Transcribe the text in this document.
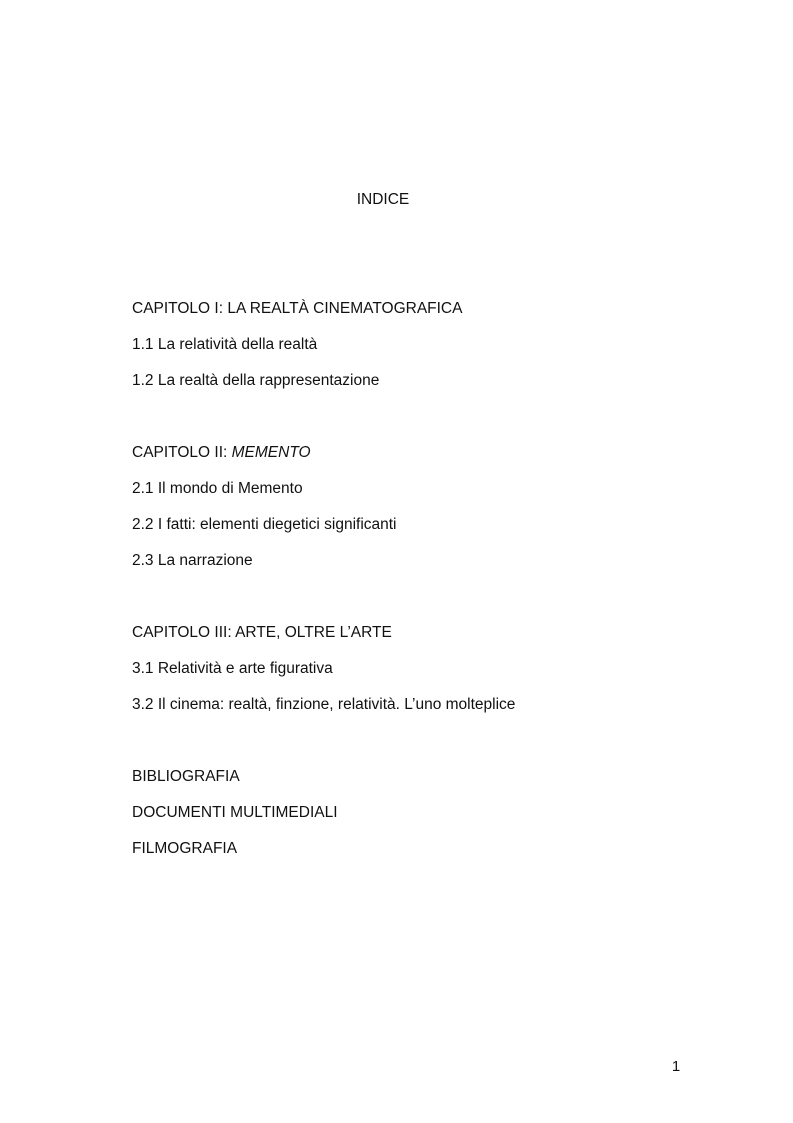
INDICE
CAPITOLO I: LA REALTÀ CINEMATOGRAFICA
1.1 La relatività della realtà
1.2 La realtà della rappresentazione
CAPITOLO II: MEMENTO
2.1 Il mondo di Memento
2.2 I fatti: elementi diegetici significanti
2.3 La narrazione
CAPITOLO III: ARTE, OLTRE L’ARTE
3.1 Relatività e arte figurativa
3.2 Il cinema: realtà, finzione, relatività. L’uno molteplice
BIBLIOGRAFIA
DOCUMENTI MULTIMEDIALI
FILMOGRAFIA
1
